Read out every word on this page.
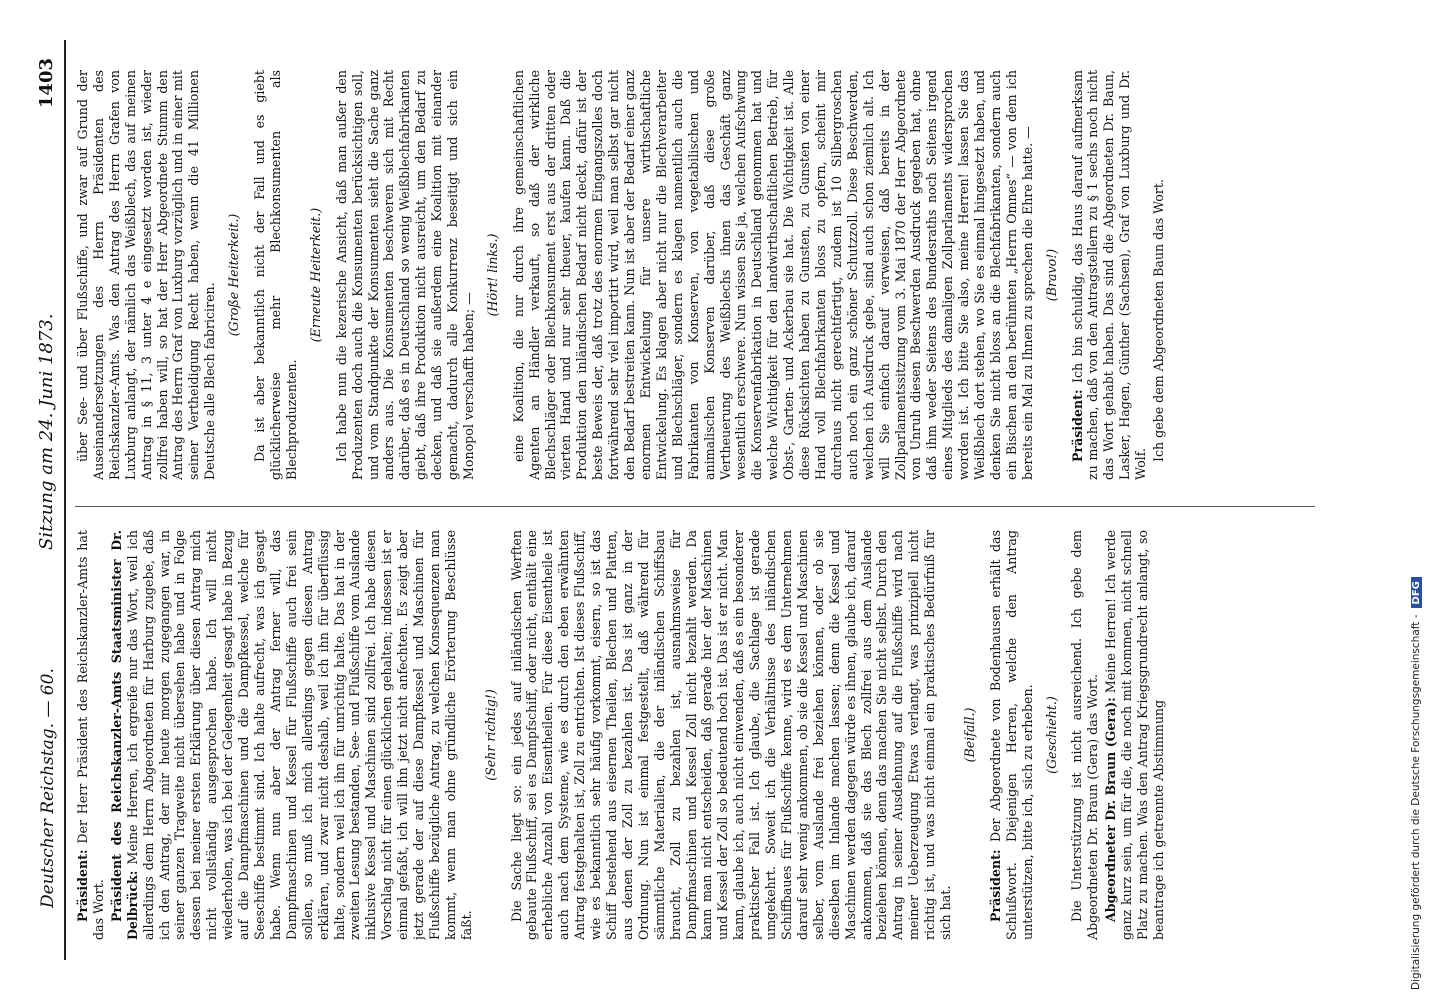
Deutscher Reichstag. — 60.
Sitzung am 24. Juni 1873.
1403

Präsident: Der Herr Präsident des Reichskanzler-Amts hat das Wort. Präsident des Reichskanzler-Amts Staatsminister Dr. Delbrück: Meine Herren, ich ergreife nur das Wort, weil ich allerdings dem Herrn Abgeordneten für Harburg zugebe, daß ich den Antrag, der mir heute morgen zugegangen war, in seiner ganzen Tragweite nicht übersehen habe und in Folge dessen bei meiner ersten Erklärung über diesen Antrag mich nicht vollständig ausgesprochen habe. Ich will nicht wiederholen, was ich bei der Gelegenheit gesagt habe in Bezug auf die Dampfmaschinen und die Dampfkessel, welche für Seeschiffe bestimmt sind. Ich halte aufrecht, was ich gesagt habe. Wenn nun aber der Antrag ferner will, das Dampfmaschinen und Kessel für Flußschiffe auch frei sein sollen, so muß ich mich allerdings gegen diesen Antrag erklären, und zwar nicht deshalb, weil ich ihn für überflüssig halte, sondern weil ich ihn für unrichtig halte. Das hat in der zweiten Lesung bestanden, See- und Flußschiffe vom Auslande inklusive Kessel und Maschinen sind zollfrei. Ich habe diesen Vorschlag nicht für einen glücklichen gehalten; indessen ist er einmal gefaßt, ich will ihn jetzt nicht anfechten. Es zeigt aber jetzt gerade der auf diese Dampfkessel und Maschinen für Flußschiffe bezügliche Antrag, zu welchen Konsequenzen man kommt, wenn man ohne gründliche Erörterung Beschlüsse faßt.

(Sehr richtig!) Die Sache liegt so: ein jedes auf inländischen Werften gebaute Flußschiff, sei es Dampfschiff, oder nicht, enthält eine erhebliche Anzahl von Eisentheilen. Für diese Eisentheile ist auch nach dem Systeme, wie es durch den eben erwähnten Antrag festgehalten ist, Zoll zu entrichten. Ist dieses Flußschiff, wie es bekanntlich sehr häufig vorkommt, eisern, so ist das Schiff bestehend aus eisernen Theilen, Blechen und Platten, aus denen der Zoll zu bezahlen ist. Das ist ganz in der Ordnung. Nun ist einmal festgestellt, daß während für sämmtliche Materialien, die der inländischen Schiffsbau braucht, Zoll zu bezahlen ist, ausnahmsweise für Dampfmaschinen und Kessel Zoll nicht bezahlt werden. Da kann man nicht entscheiden, daß gerade hier der Maschinen und Kessel der Zoll so bedeutend hoch ist. Das ist er nicht. Man kann, glaube ich, auch nicht einwenden, daß es ein besonderer praktischer Fall ist. Ich glaube, die Sachlage ist gerade umgekehrt. Soweit ich die Verhältnisse des inländischen Schiffbaues für Flußschiffe kenne, wird es dem Unternehmen darauf sehr wenig ankommen, ob sie die Kessel und Maschinen selber, vom Auslande frei beziehen können, oder ob sie dieselben im Inlande machen lassen; denn die Kessel und Maschinen werden dagegen würde es ihnen, glaube ich, darauf ankommen, daß sie das Blech zollfrei aus dem Auslande beziehen können, denn das machen Sie nicht selbst. Durch den Antrag in seiner Ausdehnung auf die Flußschiffe wird nach meiner Ueberzeugung Etwas verlangt, was prinzipiell nicht richtig ist, und was nicht einmal ein praktisches Bedürfniß für sich hat.

(Beifall.)

Präsident: Der Abgeordnete von Bodenhausen erhält das Schlußwort. Diejenigen Herren, welche den Antrag unterstützen, bitte ich, sich zu erheben. (Geschieht.) Die Unterstützung ist nicht ausreichend. Ich gebe dem Abgeordneten Dr. Braun (Gera) das Wort. Abgeordneter Dr. Braun (Gera): Meine Herren! Ich werde ganz kurz sein, um für die, die noch mit kommen, nicht schnell Platz zu machen. Was den Antrag Kriegsgrundrecht anlangt, so beantrage ich getrennte Abstimmung

über See- und über Flußschiffe, und zwar auf Grund der Auseinandersetzungen des Herrn Präsidenten des Reichskanzler-Amts. Was den Antrag des Herrn Grafen von Luxburg anlangt, der nämlich das Weißblech, das auf meinen Antrag in § 11, 3 unter 4 e eingesetzt worden ist, wieder zollfrei haben will, so hat der Herr Abgeordnete Stumm den Antrag des Herrn Graf von Luxburg vorzüglich und in einer mit seiner Vertheidigung Recht haben, wenn die 41 Millionen Deutsche alle Blech fabriciren.

(Große Heiterkeit.) Da ist aber bekanntlich nicht der Fall und es giebt glücklicherweise mehr Blechkonsumenten als Blechproduzenten.

(Erneute Heiterkeit.) Ich habe nun die kezerische Ansicht, daß man außer den Produzenten doch auch die Konsumenten berücksichtigen soll, und vom Standpunkte der Konsumenten sieht die Sache ganz anders aus. Die Konsumenten beschweren sich mit Recht darüber, daß es in Deutschland so wenig Weißblechfabrikanten giebt, daß ihre Produktion nicht ausreicht, um den Bedarf zu decken, und daß sie außerdem eine Koalition mit einander gemacht, dadurch alle Konkurrenz beseitigt und sich ein Monopol verschafft haben; —

(Hört! links.) eine Koalition, die nur durch ihre gemeinschaftlichen Agenten an Händler verkauft, so daß der wirkliche Blechschläger oder Blechkonsument erst aus der dritten oder vierten Hand und nur sehr theuer, kaufen kann. Daß die Produktion den inländischen Bedarf nicht deckt, dafür ist der beste Beweis der, daß trotz des enormen Eingangszolles doch fortwährend sehr viel importirt wird, weil man selbst gar nicht den Bedarf bestreiten kann. Nun ist aber der Bedarf einer ganz enormen Entwickelung für unsere wirthschaftliche Entwickelung. Es klagen aber nicht nur die Blechverarbeiter und Blechschläger, sondern es klagen namentlich auch die Fabrikanten von Konserven, von vegetabilischen und animalischen Konserven darüber, daß diese große Vertheuerung des Weißblechs ihnen das Geschäft ganz wesentlich erschwere. Nun wissen Sie ja, welchen Aufschwung die Konservenfabrikation in Deutschland genommen hat und welche Wichtigkeit für den landwirthschaftlichen Betrieb, für Obst-, Garten- und Ackerbau sie hat. Die Wichtigkeit ist. Alle diese Rücksichten haben zu Gunsten, zu Gunsten von einer Hand voll Blechfabrikanten bloss zu opfern, scheint mir durchaus nicht gerechtfertigt, zudem ist 10 Silbergroschen auch noch ein ganz schöner Schutzzoll. Diese Beschwerden, welchen ich Ausdruck gebe, sind auch schon ziemlich alt. Ich will Sie einfach darauf verweisen, daß bereits in der Zollparlamentssitzung vom 3. Mai 1870 der Herr Abgeordnete von Unruh diesen Beschwerden Ausdruck gegeben hat, ohne daß ihm weder Seitens des Bundesraths noch Seitens irgend eines Mitglieds des damaligen Zollparlaments widersprochen worden ist. Ich bitte Sie also, meine Herren! lassen Sie das Weißblech dort stehen, wo Sie es einmal hingesetzt haben, und denken Sie nicht bloss an die Blechfabrikanten, sondern auch ein Bischen an den berühmten „Herrn Omnes“ — von dem ich bereits ein Mal zu Ihnen zu sprechen die Ehre hatte. — (Bravo!)

Präsident: Ich bin schuldig, das Haus darauf aufmerksam zu machen, daß von den Antragstellern zu § 1 sechs noch nicht das Wort gehabt haben. Das sind die Abgeordneten Dr. Baun, Lasker, Hagen, Günther (Sachsen), Graf von Luxburg und Dr. Wolf.

Ich gebe dem Abgeordneten Baun das Wort.

Digitalisierung gefördert durch die Deutsche Forschungsgemeinschaft -DFG
